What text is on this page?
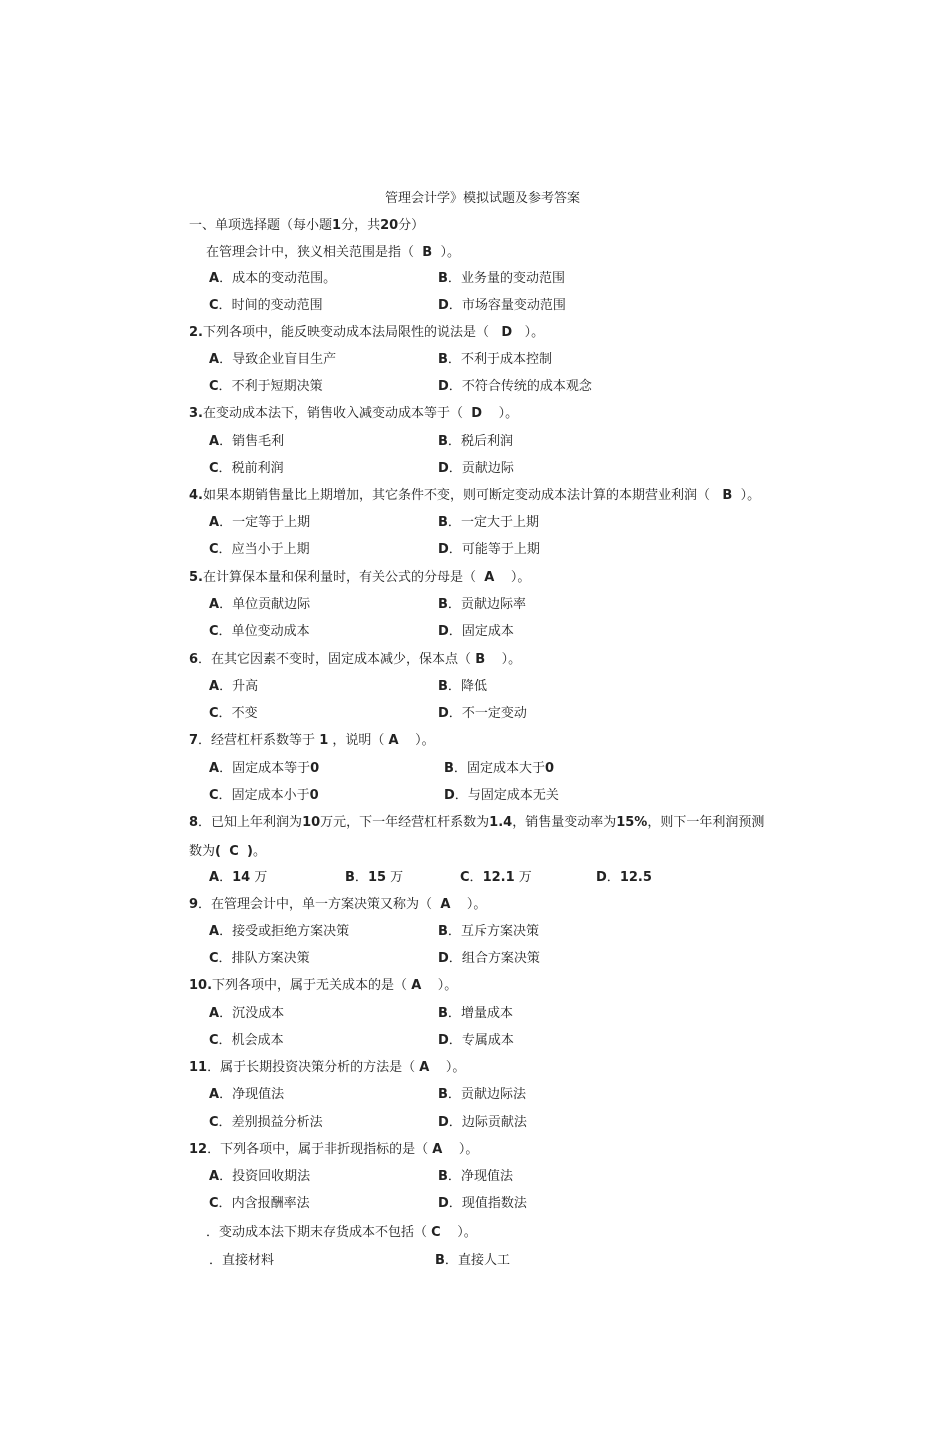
管理会计学》模拟试题及参考答案
一、单项选择题（每小题1分，共20分）
在管理会计中，狭义相关范围是指（ B ）。
A．成本的变动范围。	B．业务量的变动范围
C．时间的变动范围	D．市场容量变动范围
2.下列各项中，能反映变动成本法局限性的说法是（ D ）。
A．导致企业盲目生产	B．不利于成本控制
C．不利于短期决策	D．不符合传统的成本观念
3.在变动成本法下，销售收入减变动成本等于（ D ）。
A．销售毛利	B．税后利润
C．税前利润	D．贡献边际
4.如果本期销售量比上期增加，其它条件不变，则可断定变动成本法计算的本期营业利润（ B ）。
A．一定等于上期	B．一定大于上期
C．应当小于上期	D．可能等于上期
5.在计算保本量和保利量时，有关公式的分母是（ A ）。
A．单位贡献边际	B．贡献边际率
C．单位变动成本	D．固定成本
6．在其它因素不变时，固定成本减少，保本点（ B ）。
A．升高	B．降低
C．不变	D．不一定变动
7．经营杠杆系数等于 1 ，说明（ A ）。
A．固定成本等于0	B．固定成本大于0
C．固定成本小于0	D．与固定成本无关
8．已知上年利润为10万元，下一年经营杠杆系数为1.4，销售量变动率为15%，则下一年利润预测
数为( C )。
A．14 万	B．15 万	C．12.1 万	D．12.5
9．在管理会计中，单一方案决策又称为（ A ）。
A．接受或拒绝方案决策	B．互斥方案决策
C．排队方案决策	D．组合方案决策
10.下列各项中，属于无关成本的是（ A ）。
A．沉没成本	B．增量成本
C．机会成本	D．专属成本
11．属于长期投资决策分析的方法是（ A ）。
A．净现值法	B．贡献边际法
C．差别损益分析法	D．边际贡献法
12．下列各项中，属于非折现指标的是（ A ）。
A．投资回收期法	B．净现值法
C．内含报酬率法	D．现值指数法
．变动成本法下期末存货成本不包括（ C ）。
．直接材料	B．直接人工
